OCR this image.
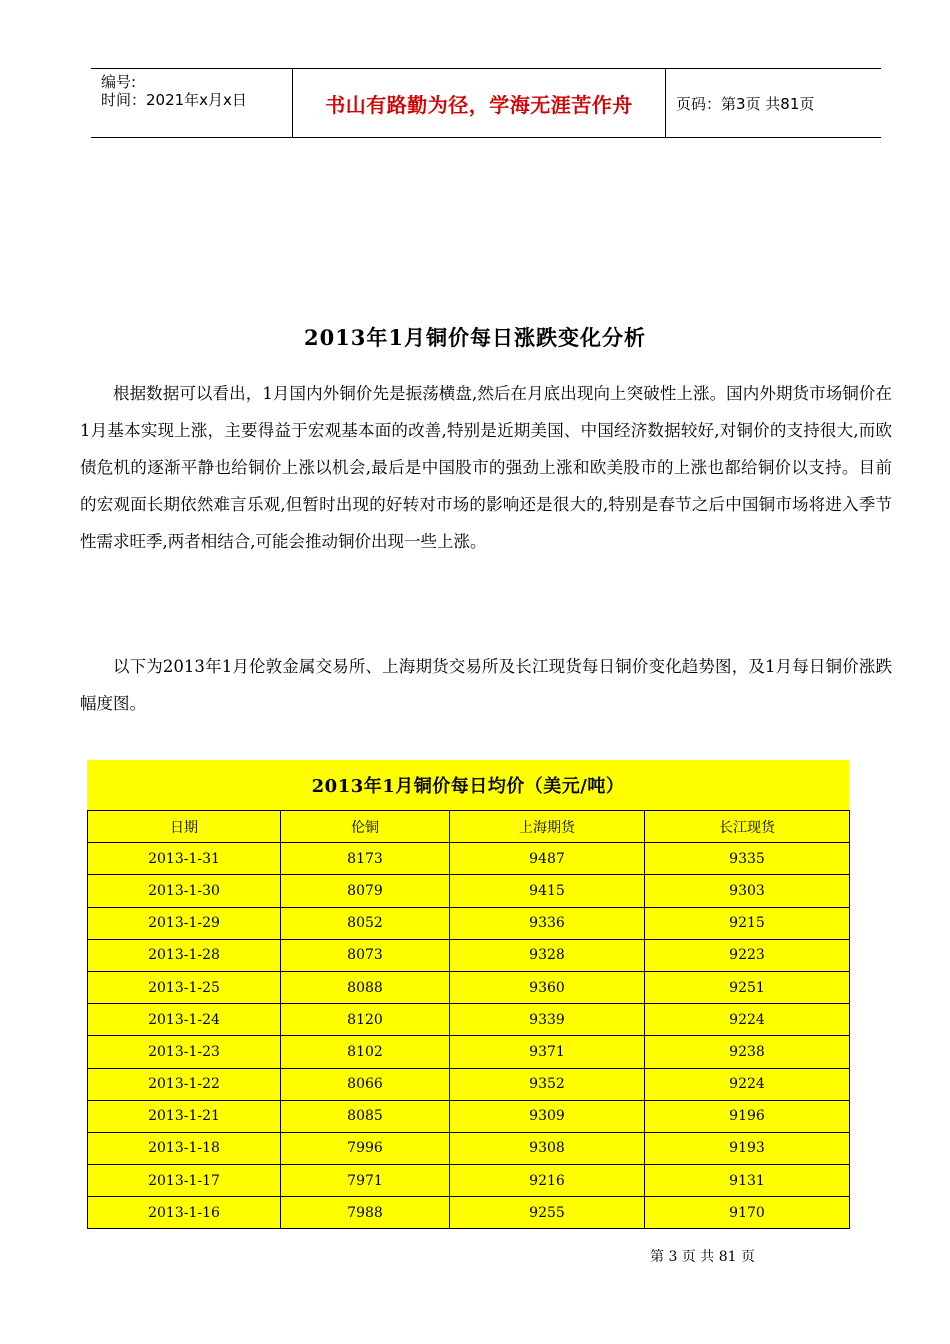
编号:
时间：2021年x月x日	书山有路勤为径，学海无涯苦作舟	页码：第3页 共81页
2013年1月铜价每日涨跌变化分析

根据数据可以看出，1月国内外铜价先是振荡横盘,然后在月底出现向上突破性上涨。国内外期货市场铜价在1月基本实现上涨，主要得益于宏观基本面的改善,特别是近期美国、中国经济数据较好,对铜价的支持很大,而欧债危机的逐渐平静也给铜价上涨以机会,最后是中国股市的强劲上涨和欧美股市的上涨也都给铜价以支持。目前的宏观面长期依然难言乐观,但暂时出现的好转对市场的影响还是很大的,特别是春节之后中国铜市场将进入季节性需求旺季,两者相结合,可能会推动铜价出现一些上涨。

以下为2013年1月伦敦金属交易所、上海期货交易所及长江现货每日铜价变化趋势图，及1月每日铜价涨跌幅度图。

2013年1月铜价每日均价（美元/吨）
日期	伦铜	上海期货	长江现货
2013-1-31	8173	9487	9335
2013-1-30	8079	9415	9303
2013-1-29	8052	9336	9215
2013-1-28	8073	9328	9223
2013-1-25	8088	9360	9251
2013-1-24	8120	9339	9224
2013-1-23	8102	9371	9238
2013-1-22	8066	9352	9224
2013-1-21	8085	9309	9196
2013-1-18	7996	9308	9193
2013-1-17	7971	9216	9131
2013-1-16	7988	9255	9170
第 3 页 共 81 页
